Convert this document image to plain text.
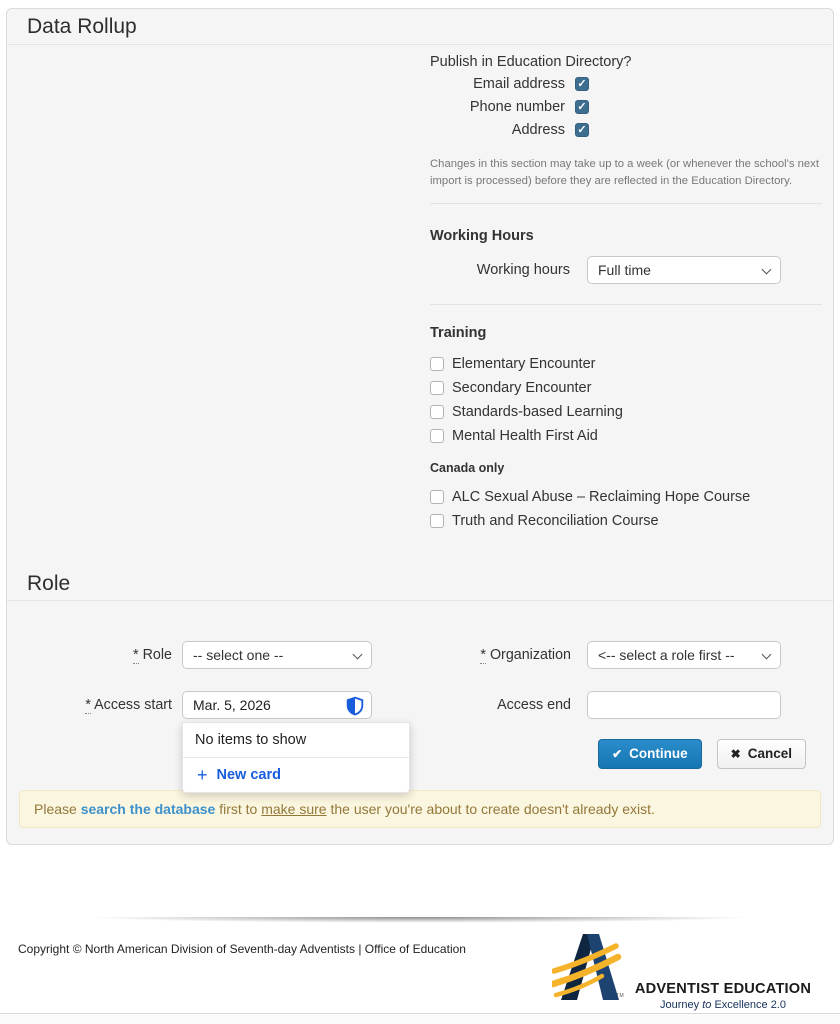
Data Rollup
Publish in Education Directory?
Email address ✓
Phone number ✓
Address ✓
Changes in this section may take up to a week (or whenever the school's next import is processed) before they are reflected in the Education Directory.
Working Hours
Working hours Full time
Training
Elementary Encounter
Secondary Encounter
Standards-based Learning
Mental Health First Aid
Canada only
ALC Sexual Abuse – Reclaiming Hope Course
Truth and Reconciliation Course
Role
* Role -- select one --	* Organization <-- select a role first --
* Access start Mar. 5, 2026
No items to show
+ New card
Access end
✔ Continue	✖ Cancel
Please search the database first to make sure the user you're about to create doesn't already exist.
Copyright © North American Division of Seventh-day Adventists | Office of Education
TM ADVENTIST EDUCATION
Journey to Excellence 2.0
